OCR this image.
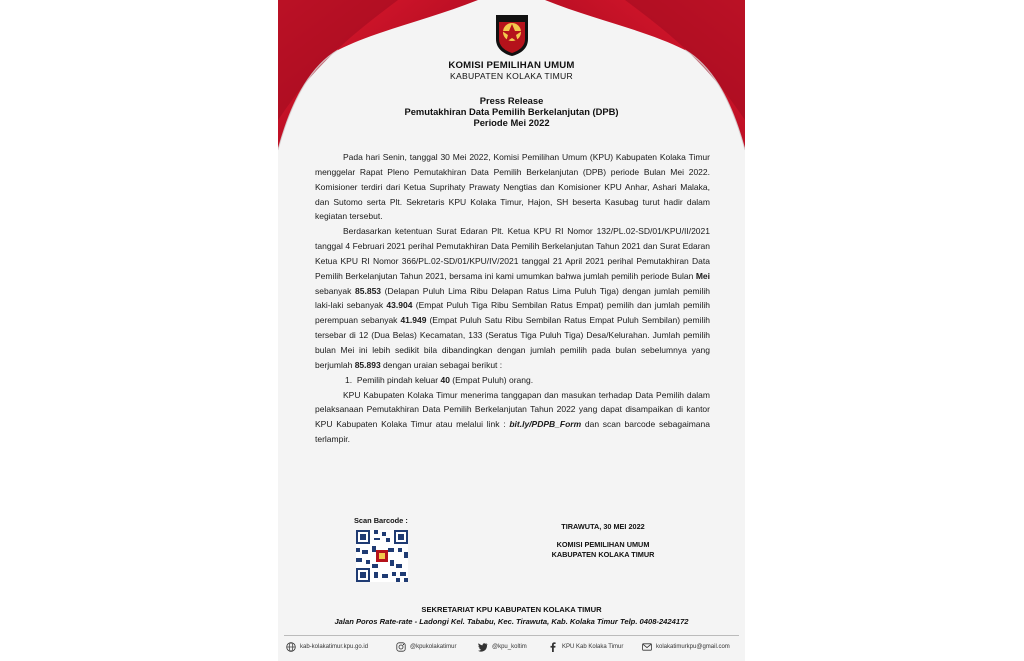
KOMISI PEMILIHAN UMUM
KABUPATEN KOLAKA TIMUR
Press Release
Pemutakhiran Data Pemilih Berkelanjutan (DPB)
Periode Mei 2022

Pada hari Senin, tanggal 30 Mei 2022, Komisi Pemilihan Umum (KPU) Kabupaten Kolaka Timur menggelar Rapat Pleno Pemutakhiran Data Pemilih Berkelanjutan (DPB) periode Bulan Mei 2022. Komisioner terdiri dari Ketua Suprihaty Prawaty Nengtias dan Komisioner KPU Anhar, Ashari Malaka, dan Sutomo serta Plt. Sekretaris KPU Kolaka Timur, Hajon, SH beserta Kasubag turut hadir dalam kegiatan tersebut.

Berdasarkan ketentuan Surat Edaran Plt. Ketua KPU RI Nomor 132/PL.02-SD/01/KPU/II/2021 tanggal 4 Februari 2021 perihal Pemutakhiran Data Pemilih Berkelanjutan Tahun 2021 dan Surat Edaran Ketua KPU RI Nomor 366/PL.02-SD/01/KPU/IV/2021 tanggal 21 April 2021 perihal Pemutakhiran Data Pemilih Berkelanjutan Tahun 2021, bersama ini kami umumkan bahwa jumlah pemilih periode Bulan Mei sebanyak 85.853 (Delapan Puluh Lima Ribu Delapan Ratus Lima Puluh Tiga) dengan jumlah pemilih laki-laki sebanyak 43.904 (Empat Puluh Tiga Ribu Sembilan Ratus Empat) pemilih dan jumlah pemilih perempuan sebanyak 41.949 (Empat Puluh Satu Ribu Sembilan Ratus Empat Puluh Sembilan) pemilih tersebar di 12 (Dua Belas) Kecamatan, 133 (Seratus Tiga Puluh Tiga) Desa/Kelurahan. Jumlah pemilih bulan Mei ini lebih sedikit bila dibandingkan dengan jumlah pemilih pada bulan sebelumnya yang berjumlah 85.893 dengan uraian sebagai berikut :

1. Pemilih pindah keluar 40 (Empat Puluh) orang.

KPU Kabupaten Kolaka Timur menerima tanggapan dan masukan terhadap Data Pemilih dalam pelaksanaan Pemutakhiran Data Pemilih Berkelanjutan Tahun 2022 yang dapat disampaikan di kantor KPU Kabupaten Kolaka Timur atau melalui link : bit.ly/PDPB_Form dan scan barcode sebagaimana terlampir.

Scan Barcode :
TIRAWUTA, 30 MEI 2022
KOMISI PEMILIHAN UMUM
KABUPATEN KOLAKA TIMUR
SEKRETARIAT KPU KABUPATEN KOLAKA TIMUR
Jalan Poros Rate-rate - Ladongi Kel. Tababu, Kec. Tirawuta, Kab. Kolaka Timur Telp. 0408-2424172
kab-kolakatimur.kpu.go.id	@kpukolakatimur	@kpu_koltim	KPU Kab Kolaka Timur	kolakatimurkpu@gmail.com
